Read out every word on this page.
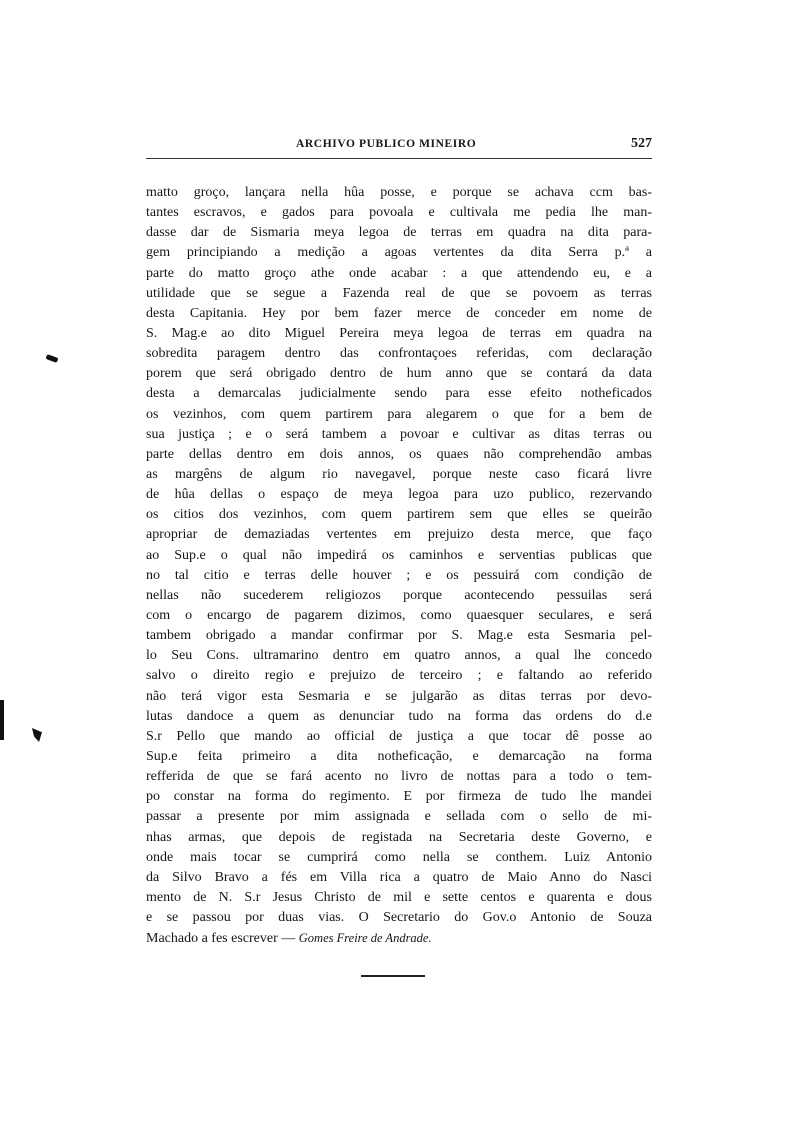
ARCHIVO PUBLICO MINEIRO	527
matto groço, lançara nella hûa posse, e porque se achava ccm bas-
tantes escravos, e gados para povoala e cultivala me pedia lhe man-
dasse dar de Sismaria meya legoa de terras em quadra na dita para-
gem principiando a medição a agoas vertentes da dita Serra p.ª a
parte do matto groço athe onde acabar : a que attendendo eu, e a
utilidade que se segue a Fazenda real de que se povoem as terras
desta Capitania. Hey por bem fazer merce de conceder em nome de
S. Mag.e ao dito Miguel Pereira meya legoa de terras em quadra na
sobredita paragem dentro das confrontaçoes referidas, com declaração
porem que será obrigado dentro de hum anno que se contará da data
desta a demarcalas judicialmente sendo para esse efeito notheficados
os vezinhos, com quem partirem para alegarem o que for a bem de
sua justiça ; e o será tambem a povoar e cultivar as ditas terras ou
parte dellas dentro em dois annos, os quaes não comprehendão ambas
as margêns de algum rio navegavel, porque neste caso ficará livre
de hûa dellas o espaço de meya legoa para uzo publico, rezervando
os citios dos vezinhos, com quem partirem sem que elles se queirão
apropriar de demaziadas vertentes em prejuizo desta merce, que faço
ao Sup.e o qual não impedirá os caminhos e serventias publicas que
no tal citio e terras delle houver ; e os pessuirá com condição de
nellas não sucederem religiozos porque acontecendo pessuilas será
com o encargo de pagarem dizimos, como quaesquer seculares, e será
tambem obrigado a mandar confirmar por S. Mag.e esta Sesmaria pel-
lo Seu Cons. ultramarino dentro em quatro annos, a qual lhe concedo
salvo o direito regio e prejuizo de terceiro ; e faltando ao referido
não terá vigor esta Sesmaria e se julgarão as ditas terras por devo-
lutas dandoce a quem as denunciar tudo na forma das ordens do d.e
S.r Pello que mando ao official de justiça a que tocar dê posse ao
Sup.e feita primeiro a dita notheficação, e demarcação na forma
refferida de que se fará acento no livro de nottas para a todo o tem-
po constar na forma do regimento. E por firmeza de tudo lhe mandei
passar a presente por mim assignada e sellada com o sello de mi-
nhas armas, que depois de registada na Secretaria deste Governo, e
onde mais tocar se cumprirá como nella se conthem. Luiz Antonio
da Silvo Bravo a fés em Villa rica a quatro de Maio Anno do Nasci
mento de N. S.r Jesus Christo de mil e sette centos e quarenta e dous
e se passou por duas vias. O Secretario do Gov.o Antonio de Souza
Machado a fes escrever — Gomes Freire de Andrade.
